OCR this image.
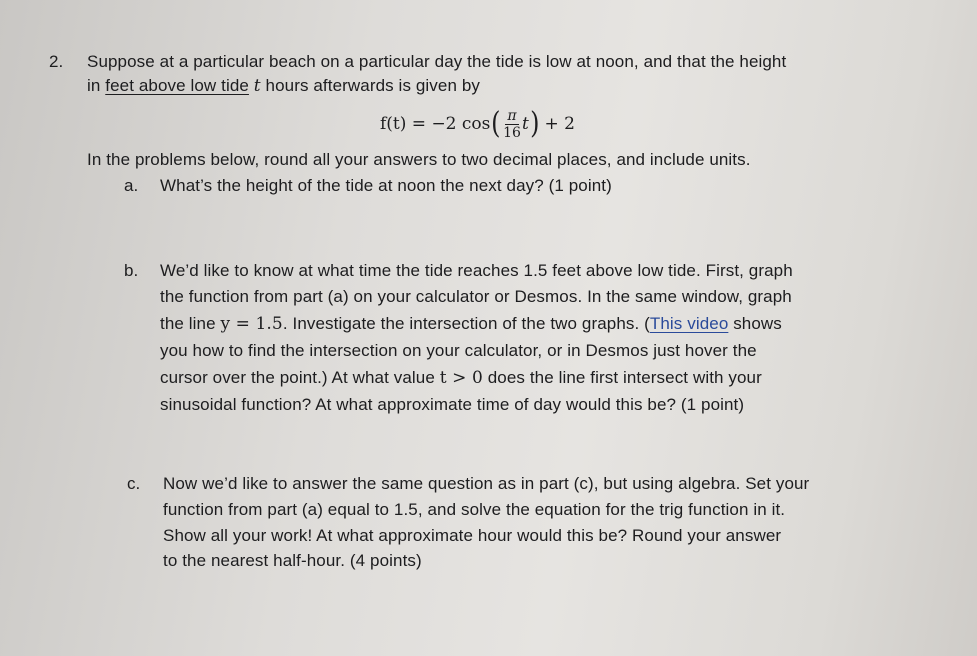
2. Suppose at a particular beach on a particular day the tide is low at noon, and that the height
in feet above low tide t hours afterwards is given by
f(t) = −2 cos ( $\frac{\pi}{16}$ t ) + 2
In the problems below, round all your answers to two decimal places, and include units.
a. What’s the height of the tide at noon the next day? (1 point)
b. We’d like to know at what time the tide reaches 1.5 feet above low tide. First, graph
the function from part (a) on your calculator or Desmos. In the same window, graph
the line y = 1.5. Investigate the intersection of the two graphs. (This video shows
you how to find the intersection on your calculator, or in Desmos just hover the
cursor over the point.) At what value t > 0 does the line first intersect with your
sinusoidal function? At what approximate time of day would this be? (1 point)
c. Now we’d like to answer the same question as in part (c), but using algebra. Set your
function from part (a) equal to 1.5, and solve the equation for the trig function in it.
Show all your work! At what approximate hour would this be? Round your answer
to the nearest half-hour. (4 points)
